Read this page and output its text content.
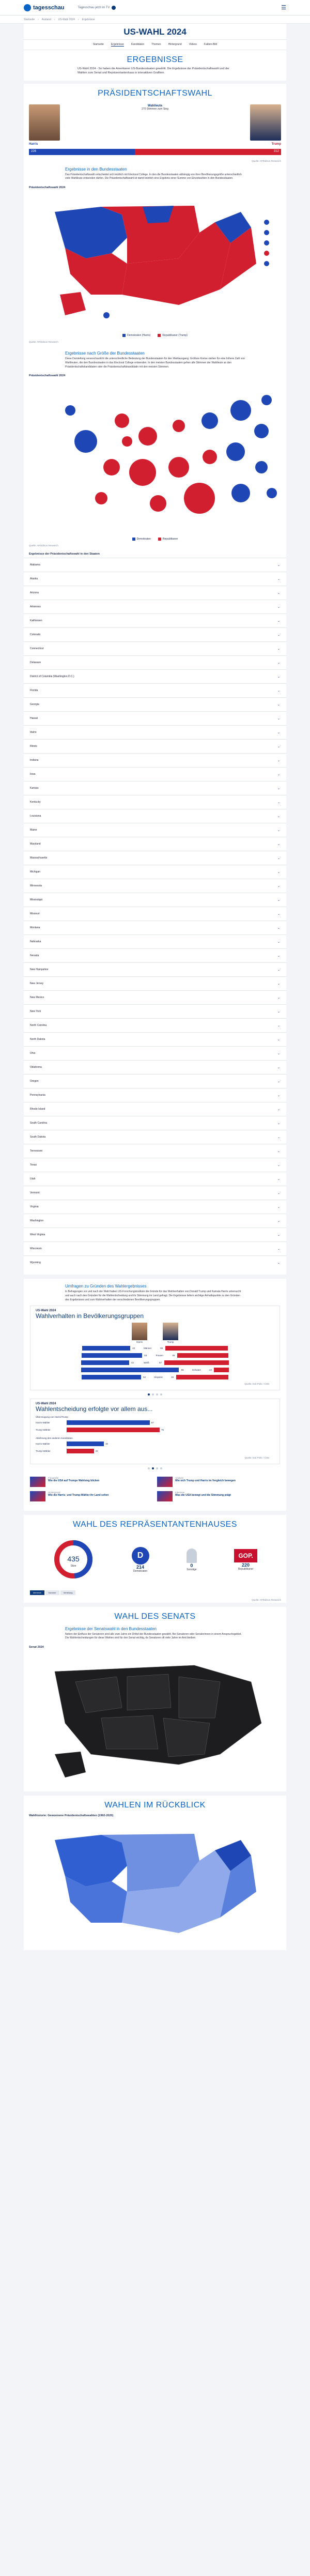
tagesschau	Tagesschau jetzt im TV	☰
Startseite › Ausland › US-Wahl 2024 › Ergebnisse
US-WAHL 2024
Startseite	Ergebnisse	Kandidaten	Themen	Hintergrund	Videos	Fakten-Bild
ERGEBNISSE
US-Wahl 2024 - So haben die Amerikaner US-Bundesstaaten gewählt. Die Ergebnisse der Präsidentschaftswahl und der Wahlen zum Senat und Repräsentantenhaus in interaktiven Grafiken.
PRÄSIDENTSCHAFTSWAHL
Wahlleute
270 Stimmen zum Sieg
Harris	Trump
226	312
Quelle: AP/Edison Research
Ergebnisse in den Bundesstaaten
Das Präsidentschaftswahl entscheidet sich letztlich mit Electoral College. In den die Bundesstaaten abhängig von ihrer Bevölkerungsgröße unterschiedlich viele Wahlleute entsenden dürfen. Die Präsidentschaftswahl ist damit letztlich eine Ergebnis einer Summe von Einzelwahlen in den Bundesstaaten.
Präsidentschaftswahl 2024
Demokraten (Harris)	Republikaner (Trump)
Quelle: AP/Edison Research
Ergebnisse nach Größe der Bundesstaaten
Diese Darstellung veranschaulicht die unterschiedliche Bedeutung der Bundesstaaten für den Wahlausgang. Größere Kreise stehen für eine höhere Zahl von Wahlleuten, die den Bundesstaaten in das Electoral College entsenden. In den meisten Bundesstaaten gehen alle Stimmen der Wahlleute an den Präsidentschaftskandidaten oder die Präsidentschaftskandidatin mit den meisten Stimmen.
Präsidentschaftswahl 2024
Demokraten	Republikaner
Quelle: AP/Edison Research
Ergebnisse der Präsidentschaftswahl in den Staaten
Alabama	⌄
Alaska	⌄
Arizona	⌄
Arkansas	⌄
Kalifornien	⌄
Colorado	⌄
Connecticut	⌄
Delaware	⌄
District of Columbia (Washington D.C.)	⌄
Florida	⌄
Georgia	⌄
Hawaii	⌄
Idaho	⌄
Illinois	⌄
Indiana	⌄
Iowa	⌄
Kansas	⌄
Kentucky	⌄
Louisiana	⌄
Maine	⌄
Maryland	⌄
Massachusetts	⌄
Michigan	⌄
Minnesota	⌄
Mississippi	⌄
Missouri	⌄
Montana	⌄
Nebraska	⌄
Nevada	⌄
New Hampshire	⌄
New Jersey	⌄
New Mexico	⌄
New York	⌄
North Carolina	⌄
North Dakota	⌄
Ohio	⌄
Oklahoma	⌄
Oregon	⌄
Pennsylvania	⌄
Rhode Island	⌄
South Carolina	⌄
South Dakota	⌄
Tennessee	⌄
Texas	⌄
Utah	⌄
Vermont	⌄
Virginia	⌄
Washington	⌄
West Virginia	⌄
Wisconsin	⌄
Wyoming	⌄
Umfragen zu Gründen des Wahlergebnisses
In Befragungen vor und nach der Wahl haben US-Forschungsinstitute die Gründe für das Wahlverhalten von Donald Trump und Kamala Harris untersucht und auch nach den Gründen für die Wahlentscheidung und ihr Stimmung im Land gefragt. Die Ergebnisse liefern wichtige Anhaltspunkte zu den Gründen des Ergebnisses und zum Wahlverhalten der verschiedenen Bevölkerungsgruppen.
US-Wahl 2024
Wahlverhalten in Bevölkerungsgruppen
Harris	Trump
42	Männer	55
53	Frauen	45
42	Weiß	57
86	Schwarz	13
52	Hispanic	46
Quelle: Exit Polls / CNN
US-Wahl 2024
Wahlentscheidung erfolgte vor allem aus...
Überzeugung von Harris/Trump
Harris-Wähler	67
Trump-Wähler	75
Ablehnung des anderen Kandidaten
Harris-Wähler	30
Trump-Wähler	22
Quelle: Exit Polls / CNN
Fotografie
Wie die USA auf Trumps Wahlsieg blicken
Analyse
Wie sich Trump und Harris im Vergleich bewegen
Hintergrund
Wie die Harris- und Trump-Wähler ihr Land sehen
Interview
Was die USA bewegt und die Stimmung prägt
WAHL DES REPRÄSENTANTENHAUSES
435
Sitze
D
214
Demokraten
0
Sonstige
GOP.
220
Republikaner
Mehrheit	Kammer	Verteilung
Quelle: AP/Edison Research
WAHL DES SENATS
Ergebnisse der Senatswahl in den Bundesstaaten
Neben der Einfluss der Senatoren sind alle zwei Jahre ein Drittel der Bundesstaaten gewählt. Bei Senatoren oder Senatorinnen in einem Anspruchsgebiet. Die Wahlentscheidungen für diese Wahlen sind für den Senat wichtig, da Senatoren oft viele Jahre im Amt bleiben.
Senat 2024
WAHLEN IM RÜCKBLICK
Wahlhistorie: Gewonnene Präsidentschaftswahlen (1992-2020)
